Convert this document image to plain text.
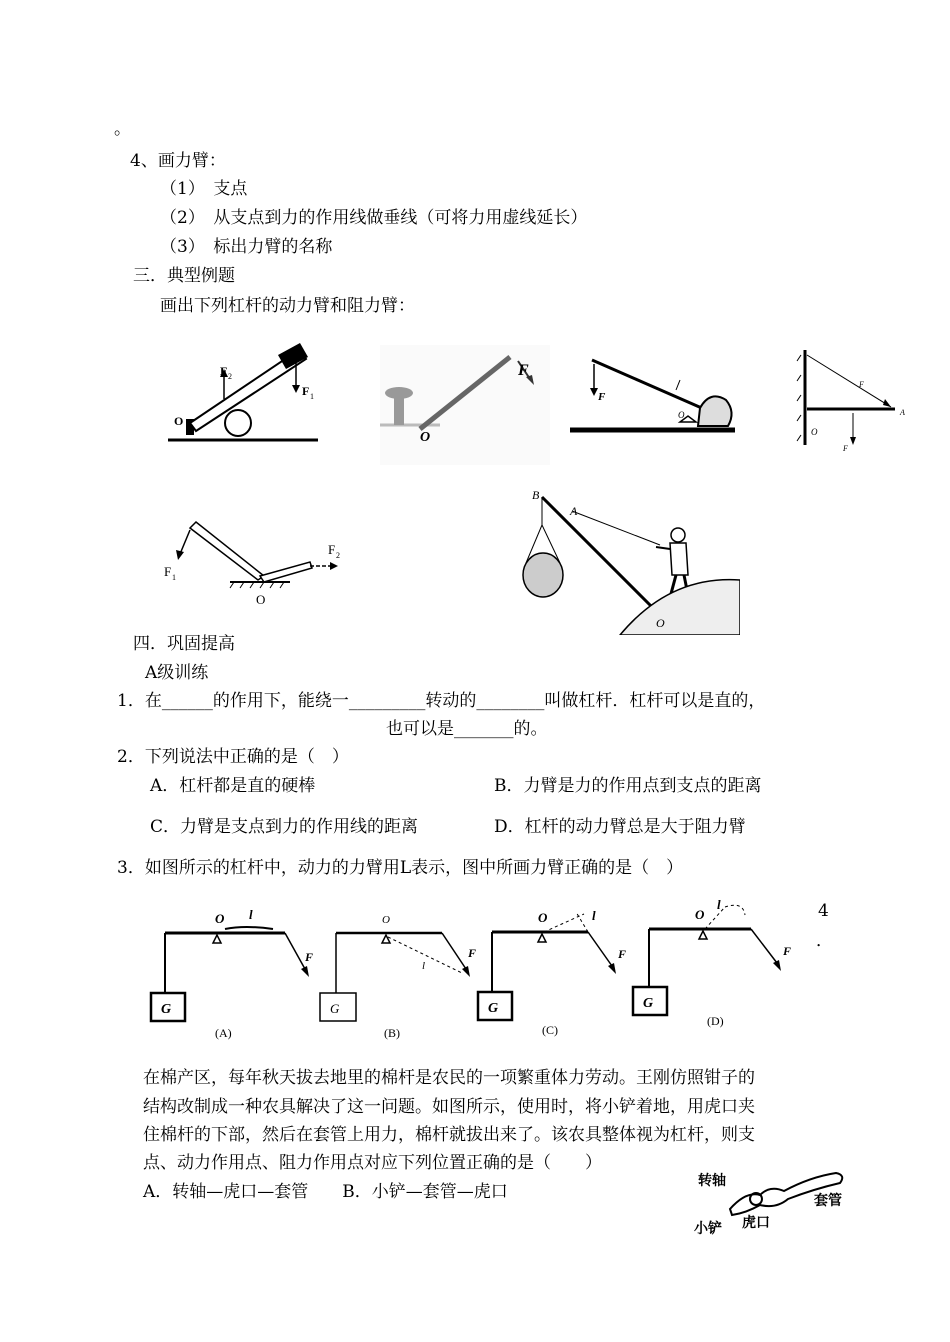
。
4、画力臂：
（1）　支点
（2）　从支点到力的作用线做垂线（可将力用虚线延长）
（3）　标出力臂的名称
三．典型例题
画出下列杠杆的动力臂和阻力臂：
F 2
F 1
O
F
O
F
O
F
A
O
F
F 1
F 2
O
B
A
O
四．巩固提高
A级训练
1．在______的作用下，能绕一_________转动的________叫做杠杆．杠杆可以是直的，
也可以是_______的。
2．下列说法中正确的是（　）
A．杠杆都是直的硬棒	B．力臂是力的作用点到支点的距离
C．力臂是支点到力的作用线的距离	D．杠杆的动力臂总是大于阻力臂
3．如图所示的杠杆中，动力的力臂用L表示，图中所画力臂正确的是（　）
4
．
G
O l
F
(A)
G
O
l
F
(B)
G
O	l
F
(C)
G
O
l
F
(D)
在棉产区，每年秋天拔去地里的棉杆是农民的一项繁重体力劳动。王刚仿照钳子的
结构改制成一种农具解决了这一问题。如图所示，使用时，将小铲着地，用虎口夹
住棉杆的下部，然后在套管上用力，棉杆就拔出来了。该农具整体视为杠杆，则支
点、动力作用点、阻力作用点对应下列位置正确的是（　　）
A．转轴—虎口—套管　　B．小铲—套管—虎口
转轴
套管
小铲 虎口
